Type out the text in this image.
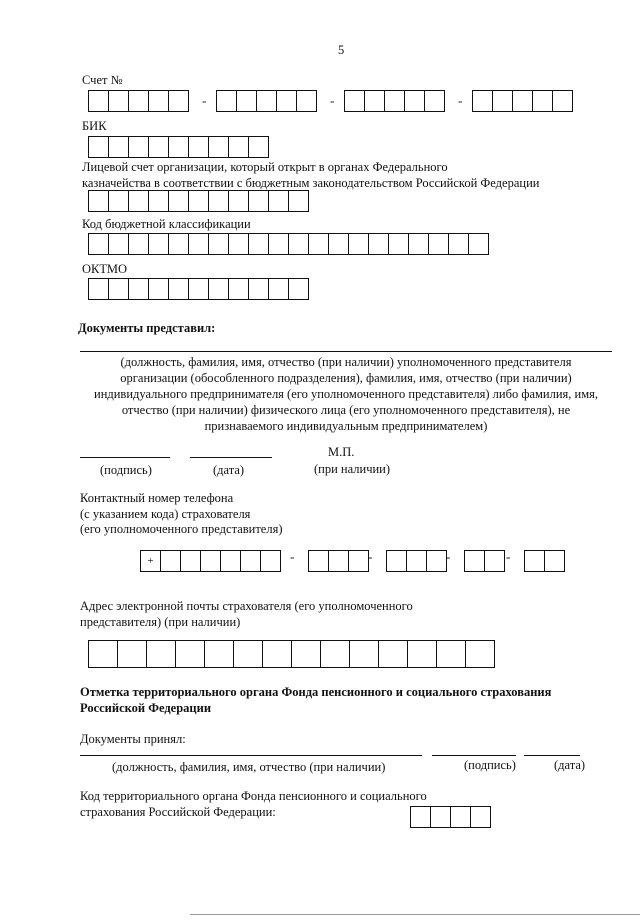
5
Счет №
-	-	-
БИК
Лицевой счет организации, который открыт в органах Федерального
казначейства в соответствии с бюджетным законодательством Российской Федерации
Код бюджетной классификации
ОКТМО
Документы представил:
(должность, фамилия, имя, отчество (при наличии) уполномоченного представителя
организации (обособленного подразделения), фамилия, имя, отчество (при наличии)
индивидуального предпринимателя (его уполномоченного представителя) либо фамилия, имя,
отчество (при наличии) физического лица (его уполномоченного представителя), не
признаваемого индивидуальным предпринимателем)
(подпись)	(дата)
М.П.
(при наличии)
Контактный номер телефона
(с указанием кода) страхователя
(его уполномоченного представителя)
+	-	-	-	-
Адрес электронной почты страхователя (его уполномоченного
представителя) (при наличии)
Отметка территориального органа Фонда пенсионного и социального страхования
Российской Федерации
Документы принял:
(должность, фамилия, имя, отчество (при наличии)	(подпись)	(дата)
Код территориального органа Фонда пенсионного и социального
страхования Российской Федерации:
